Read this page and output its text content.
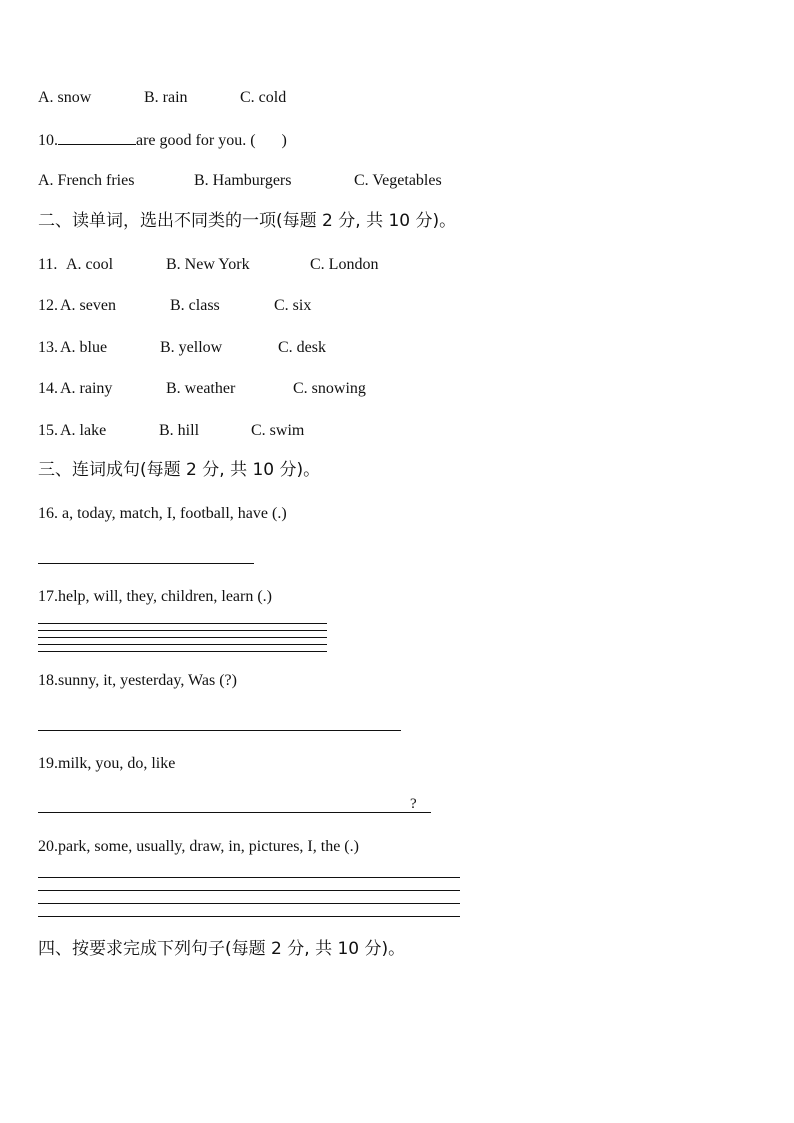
A. snow	B. rain	C. cold
10.	are good for you. ( )
A. French fries	B. Hamburgers	C. Vegetables
二、读单词，选出不同类的一项(每题 2 分, 共 10 分)。
11. A. cool	B. New York	C. London
12. A. seven	B. class	C. six
13. A. blue	B. yellow	C. desk
14. A. rainy	B. weather	C. snowing
15. A. lake	B. hill	C. swim
三、连词成句(每题 2 分, 共 10 分)。
16. a, today, match, I, football, have (.)
17.help, will, they, children, learn (.)
18.sunny, it, yesterday, Was (?)
19.milk, you, do, like
?
20.park, some, usually, draw, in, pictures, I, the (.)
四、按要求完成下列句子(每题 2 分, 共 10 分)。
